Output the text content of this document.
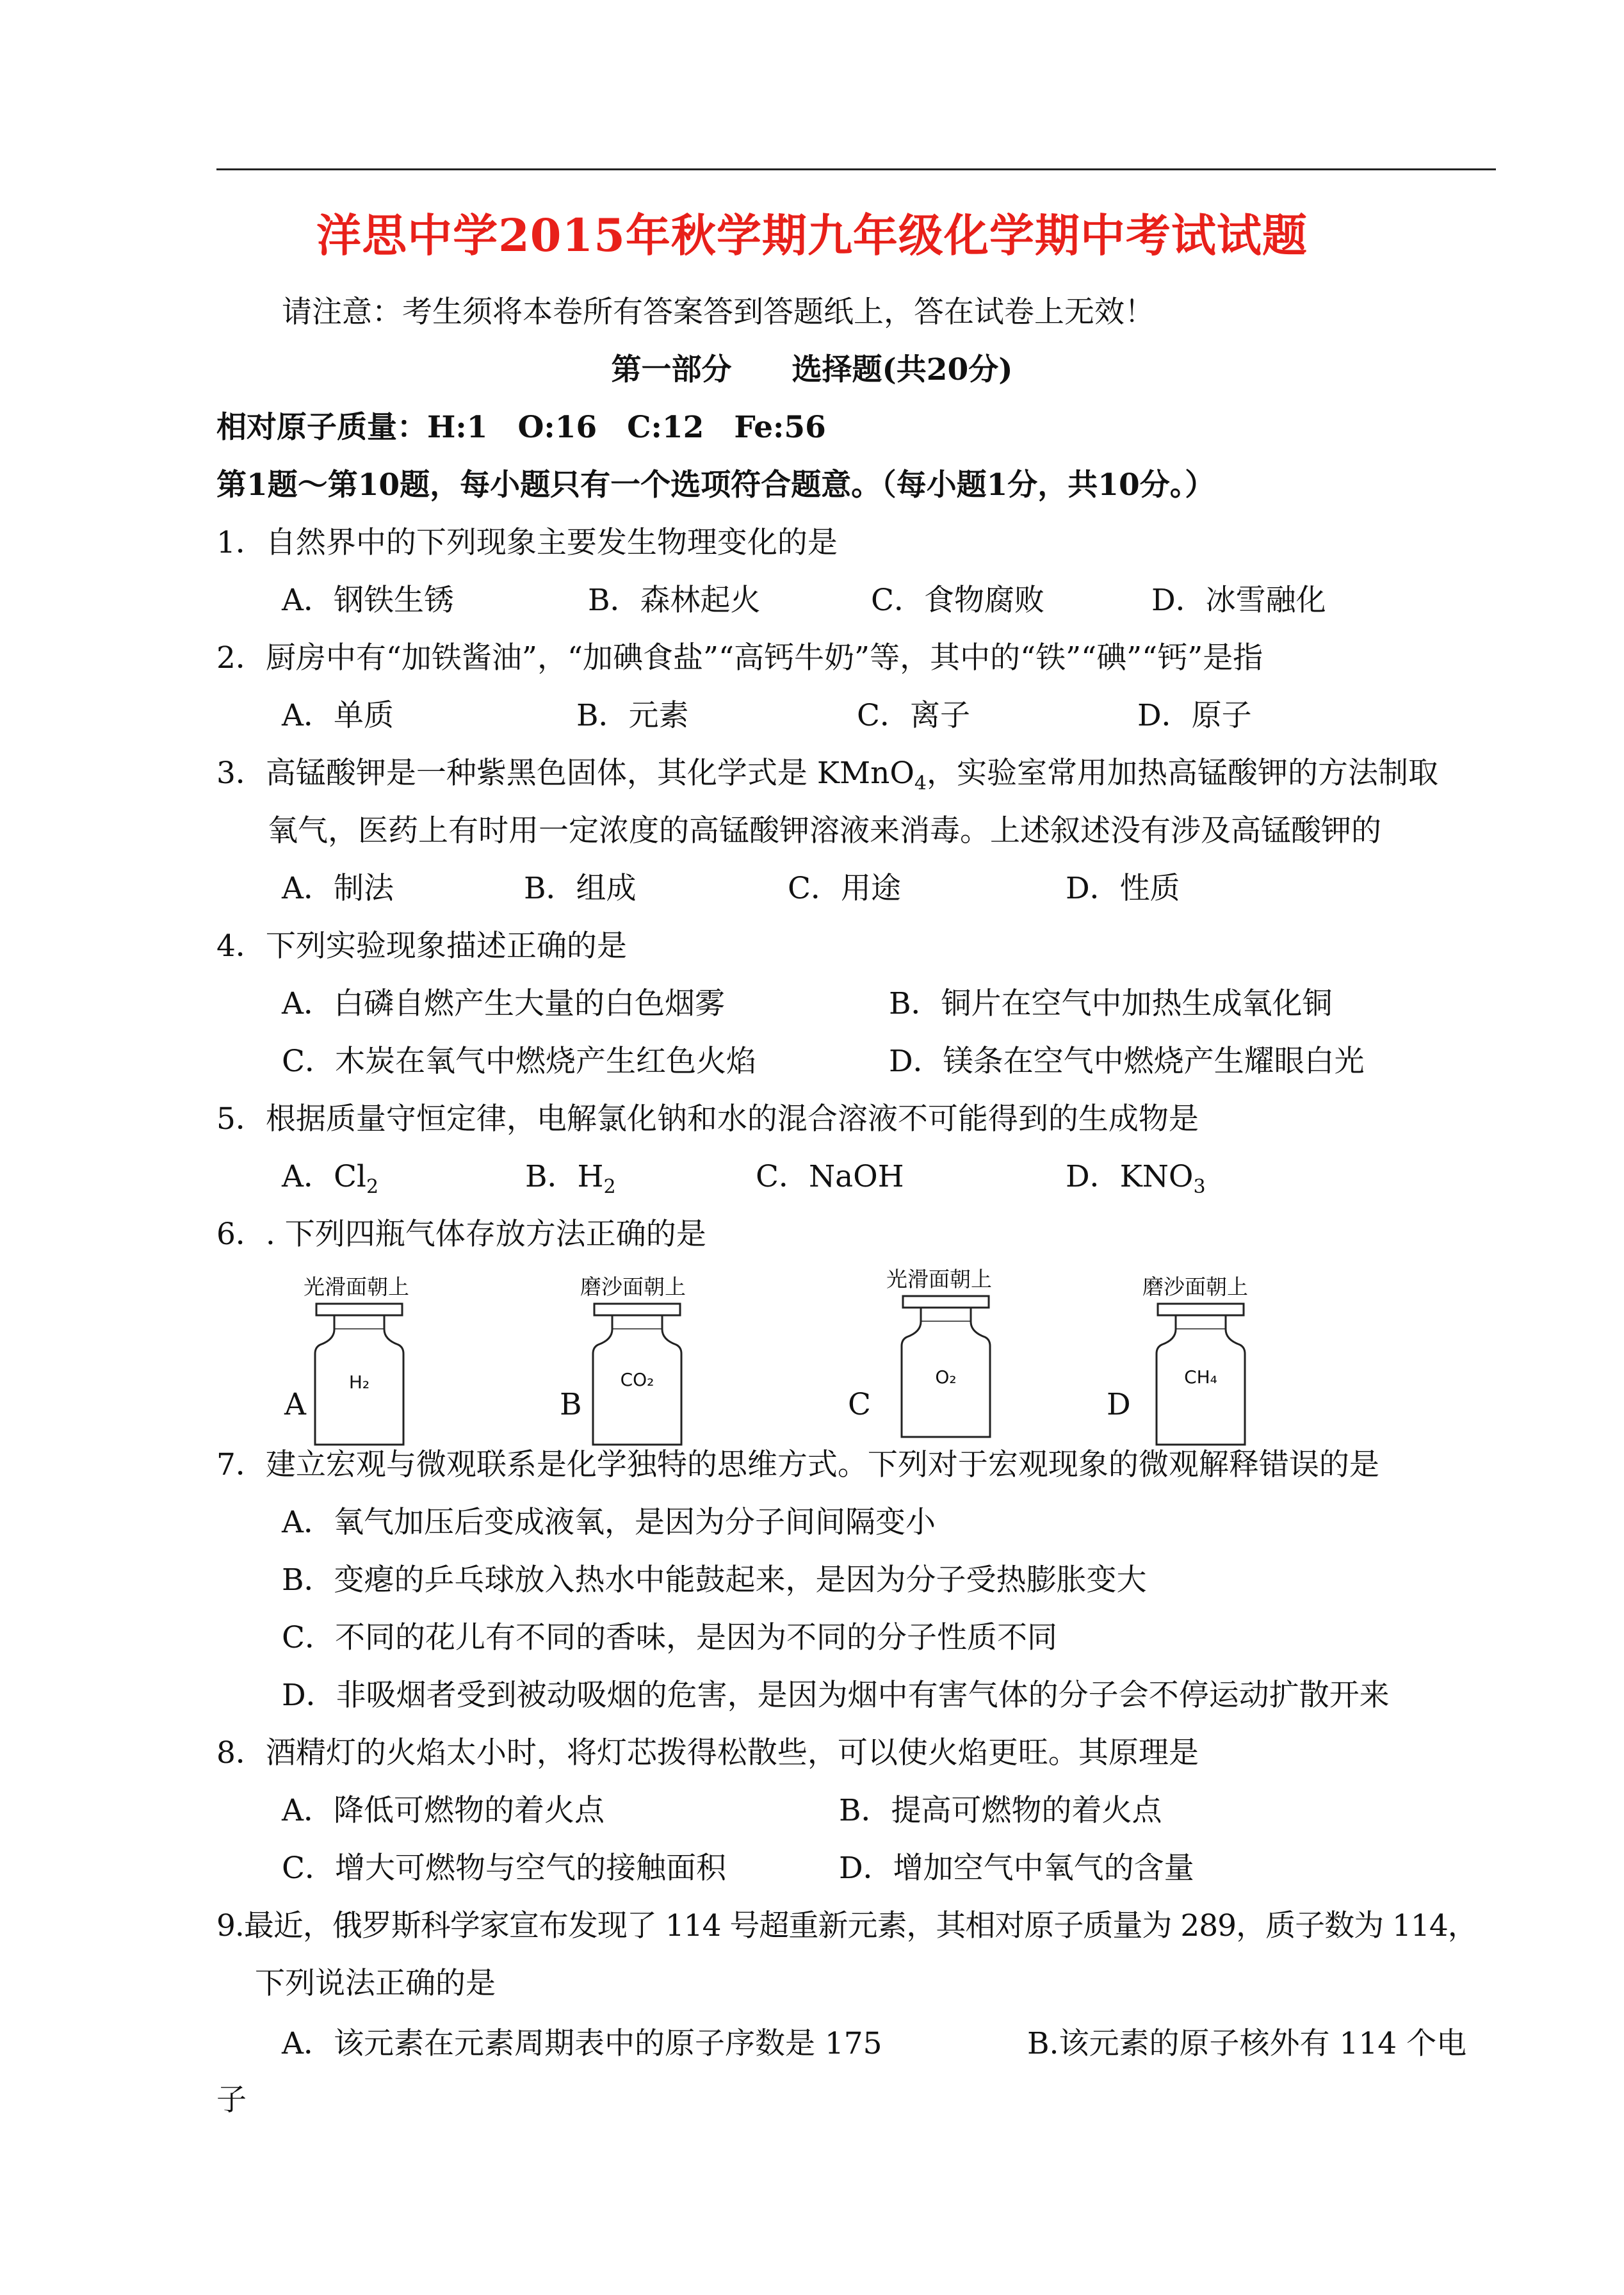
洋思中学2015年秋学期九年级化学期中考试试题
请注意：考生须将本卷所有答案答到答题纸上，答在试卷上无效！
第一部分　　选择题(共20分)
相对原子质量：H:1　O:16　C:12　Fe:56
第1题～第10题，每小题只有一个选项符合题意。（每小题1分，共10分。）
1．自然界中的下列现象主要发生物理变化的是
A．钢铁生锈	B．森林起火	C．食物腐败	D．冰雪融化
2．厨房中有“加铁酱油”，“加碘食盐”“高钙牛奶”等，其中的“铁”“碘”“钙”是指
A．单质	B．元素	C．离子	D．原子
3．高锰酸钾是一种紫黑色固体，其化学式是 KMnO$_4$，实验室常用加热高锰酸钾的方法制取
氧气，医药上有时用一定浓度的高锰酸钾溶液来消毒。上述叙述没有涉及高锰酸钾的
A．制法	B．组成	C．用途	D．性质
4．下列实验现象描述正确的是
A．白磷自燃产生大量的白色烟雾	B．铜片在空气中加热生成氧化铜
C．木炭在氧气中燃烧产生红色火焰	D．镁条在空气中燃烧产生耀眼白光
5．根据质量守恒定律，电解氯化钠和水的混合溶液不可能得到的生成物是
A．$Cl_2$	B．$H_2$	C．NaOH	D．$KNO_3$
6．. 下列四瓶气体存放方法正确的是
A
光滑面朝上
H₂
B
磨沙面朝上
CO₂
C
光滑面朝上
O₂
D
磨沙面朝上
CH₄
7．建立宏观与微观联系是化学独特的思维方式。下列对于宏观现象的微观解释错误的是
A．氧气加压后变成液氧，是因为分子间间隔变小
B．变瘪的乒乓球放入热水中能鼓起来，是因为分子受热膨胀变大
C．不同的花儿有不同的香味，是因为不同的分子性质不同
D．非吸烟者受到被动吸烟的危害，是因为烟中有害气体的分子会不停运动扩散开来
8．酒精灯的火焰太小时，将灯芯拨得松散些，可以使火焰更旺。其原理是
A．降低可燃物的着火点	B．提高可燃物的着火点
C．增大可燃物与空气的接触面积	D．增加空气中氧气的含量
9.最近，俄罗斯科学家宣布发现了 114 号超重新元素，其相对原子质量为 289，质子数为 114，
下列说法正确的是
A．该元素在元素周期表中的原子序数是 175	B.该元素的原子核外有 114 个电
子
